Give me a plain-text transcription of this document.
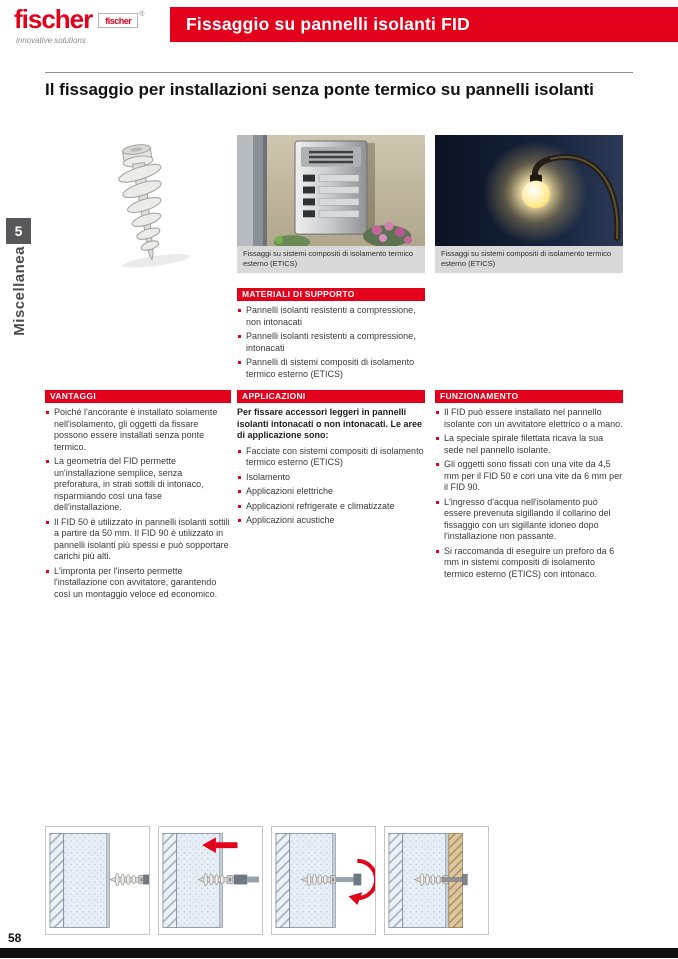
fischer fischer
®
innovative solutions
Fissaggio su pannelli isolanti FID
Il fissaggio per installazioni senza ponte termico su pannelli isolanti
5
Miscellanea	Fissaggi su sistemi compositi di isolamento termico esterno (ETICS)
Fissaggi su sistemi compositi di isolamento termico esterno (ETICS)
MATERIALI DI SUPPORTO
Pannelli isolanti resistenti a compressione, non intonacati
Pannelli isolanti resistenti a compressione, intonacati
Pannelli di sistemi compositi di isolamento termico esterno (ETICS)
VANTAGGI
Poiché l'ancorante è installato solamente nell'isolamento, gli oggetti da fissare possono essere installati senza ponte termico.
La geometria del FID permette un'installazione semplice, senza preforatura, in strati sottili di intonaco, risparmiando così una fase dell'installazione.
Il FID 50 è utilizzato in pannelli isolanti sottili a partire da 50 mm. Il FID 90 è utilizzato in pannelli isolanti più spessi e può sopportare carichi più alti.
L'impronta per l'inserto permette l'installazione con avvitatore, garantendo così un montaggio veloce ed economico.
APPLICAZIONI

Per fissare accessori leggeri in pannelli isolanti intonacati o non intonacati. Le aree di applicazione sono:

Facciate con sistemi compositi di isolamento termico esterno (ETICS)
Isolamento
Applicazioni elettriche
Applicazioni refrigerate e climatizzate
Applicazioni acustiche
FUNZIONAMENTO
Il FID può essere installato nel pannello isolante con un avvitatore elettrico o a mano.
La speciale spirale filettata ricava la sua sede nel pannello isolante.
Gli oggetti sono fissati con una vite da 4,5 mm per il FID 50 e con una vite da 6 mm per il FID 90.
L'ingresso d'acqua nell'isolamento può essere prevenuta sigillando il collarino del fissaggio con un sigillante idoneo dopo l'installazione non passante.
Si raccomanda di eseguire un preforo da 6 mm in sistemi compositi di isolamento termico esterno (ETICS) con intonaco.
58
